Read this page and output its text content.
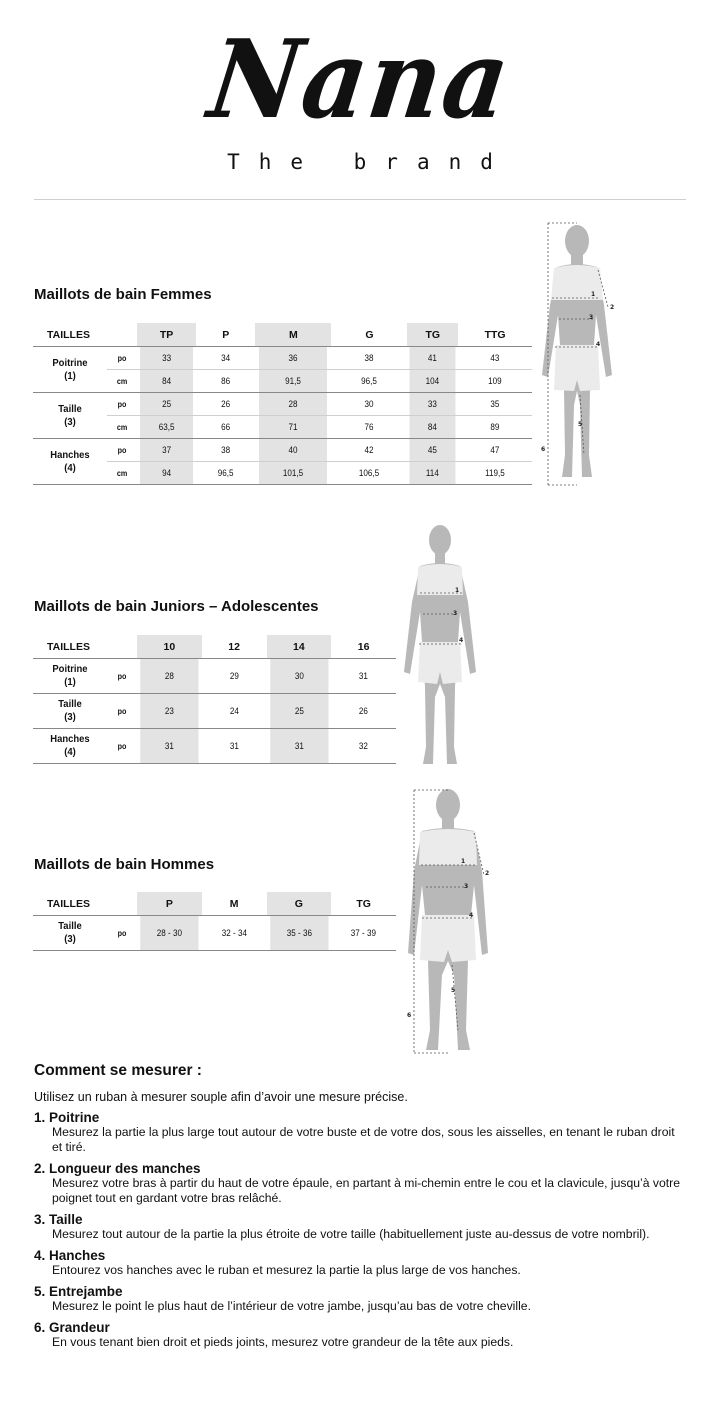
Nana
The brand
Maillots de bain Femmes
TAILLES		TP	P	M	G	TG	TTG

Poitrine
(1)	po	33	34	36	38	41	43
	cm	84	86	91,5	96,5	104	109

Taille
(3)	po	25	26	28	30	33	35
	cm	63,5	66	71	76	84	89

Hanches
(4)	po	37	38	40	42	45	47
	cm	94	96,5	101,5	106,5	114	119,5
Maillots de bain Juniors – Adolescentes
TAILLES		10	12	14	16

Poitrine
(1)	po	28	29	30	31

Taille
(3)	po	23	24	25	26

Hanches
(4)	po	31	31	31	32
Maillots de bain Hommes
TAILLES		P	M	G	TG

Taille
(3)	po	28 - 30	32 - 34	35 - 36	37 - 39
1
2
3
4
5
6
1
3
4
1
2
3
4
5
6
Comment se mesurer :

Utilisez un ruban à mesurer souple afin d’avoir une mesure précise.

1. Poitrine
Mesurez la partie la plus large tout autour de votre buste et de votre dos, sous les aisselles, en tenant le ruban droit et tiré.
2. Longueur des manches
Mesurez votre bras à partir du haut de votre épaule, en partant à mi-chemin entre le cou et la clavicule, jusqu’à votre poignet tout en gardant votre bras relâché.
3. Taille
Mesurez tout autour de la partie la plus étroite de votre taille (habituellement juste au-dessus de votre nombril).
4. Hanches
Entourez vos hanches avec le ruban et mesurez la partie la plus large de vos hanches.
5. Entrejambe
Mesurez le point le plus haut de l’intérieur de votre jambe, jusqu’au bas de votre cheville.
6. Grandeur
En vous tenant bien droit et pieds joints, mesurez votre grandeur de la tête aux pieds.
